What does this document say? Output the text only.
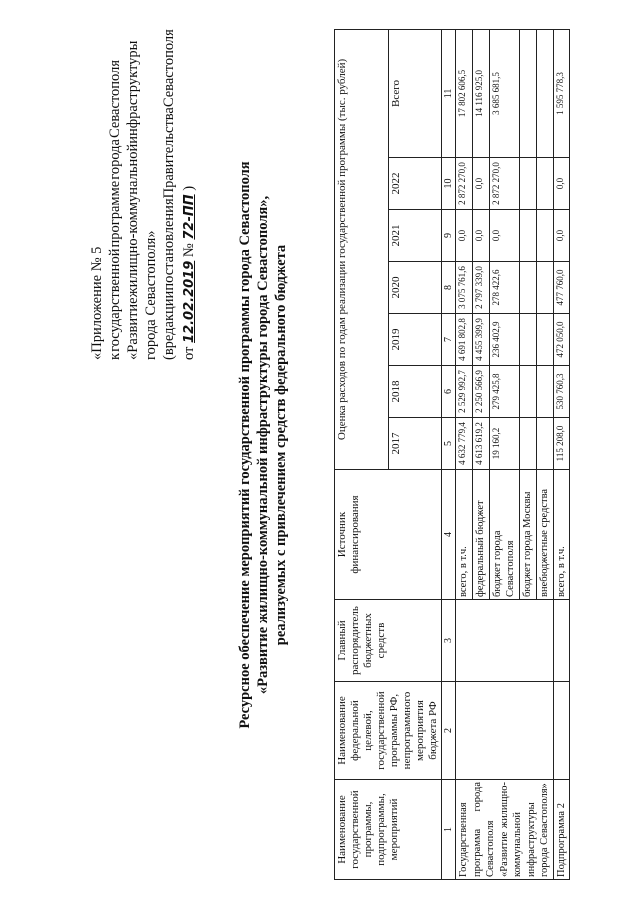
«Приложение № 5 к
государственной
программе
города
Севастополя
«Развитие
жилищно-коммунальной
инфраструктуры
города Севастополя» (в
редакции
постановления
Правительства
Севастополя
от 12.02.2019 № 72-ПП )	Ресурсное обеспечение мероприятий государственной программы города Севастополя «Развитие жилищно-коммунальной инфраструктуры города Севастополя», реализуемых с привлечением средств федерального бюджета
Наименование государственной программы, подпрограммы, мероприятий	Наименование федеральной целевой, государственной программы РФ, непрограммного мероприятия бюджета РФ	Главный распорядитель бюджетных средств	Источник финансирования	Оценка расходов по годам реализации государственной программы (тыс. рублей)						
				2017	2018	2019	2020	2021	2022	Всего
1	2	3	4	5	6	7	8	9	10	11
Государственная программа города Севастополя «Развитие жилищно-коммунальной инфраструктуры города Севастополя»			всего, в т.ч.	4 632 779,4	2 529 992,7	4 691 802,8	3 075 761,6	0,0	2 872 270,0	17 802 606,5
			федеральный бюджет	4 613 619,2	2 250 566,9	4 455 399,9	2 797 339,0	0,0	0,0	14 116 925,0
			бюджет города Севастополя	19 160,2	279 425,8	236 402,9	278 422,6	0,0	2 872 270,0	3 685 681,5
			бюджет города Москвы							
			внебюджетные средства							
Подпрограмма 2			всего, в т.ч.	115 208,0	530 760,3	472 050,0	477 760,0	0,0	0,0	1 595 778,3
